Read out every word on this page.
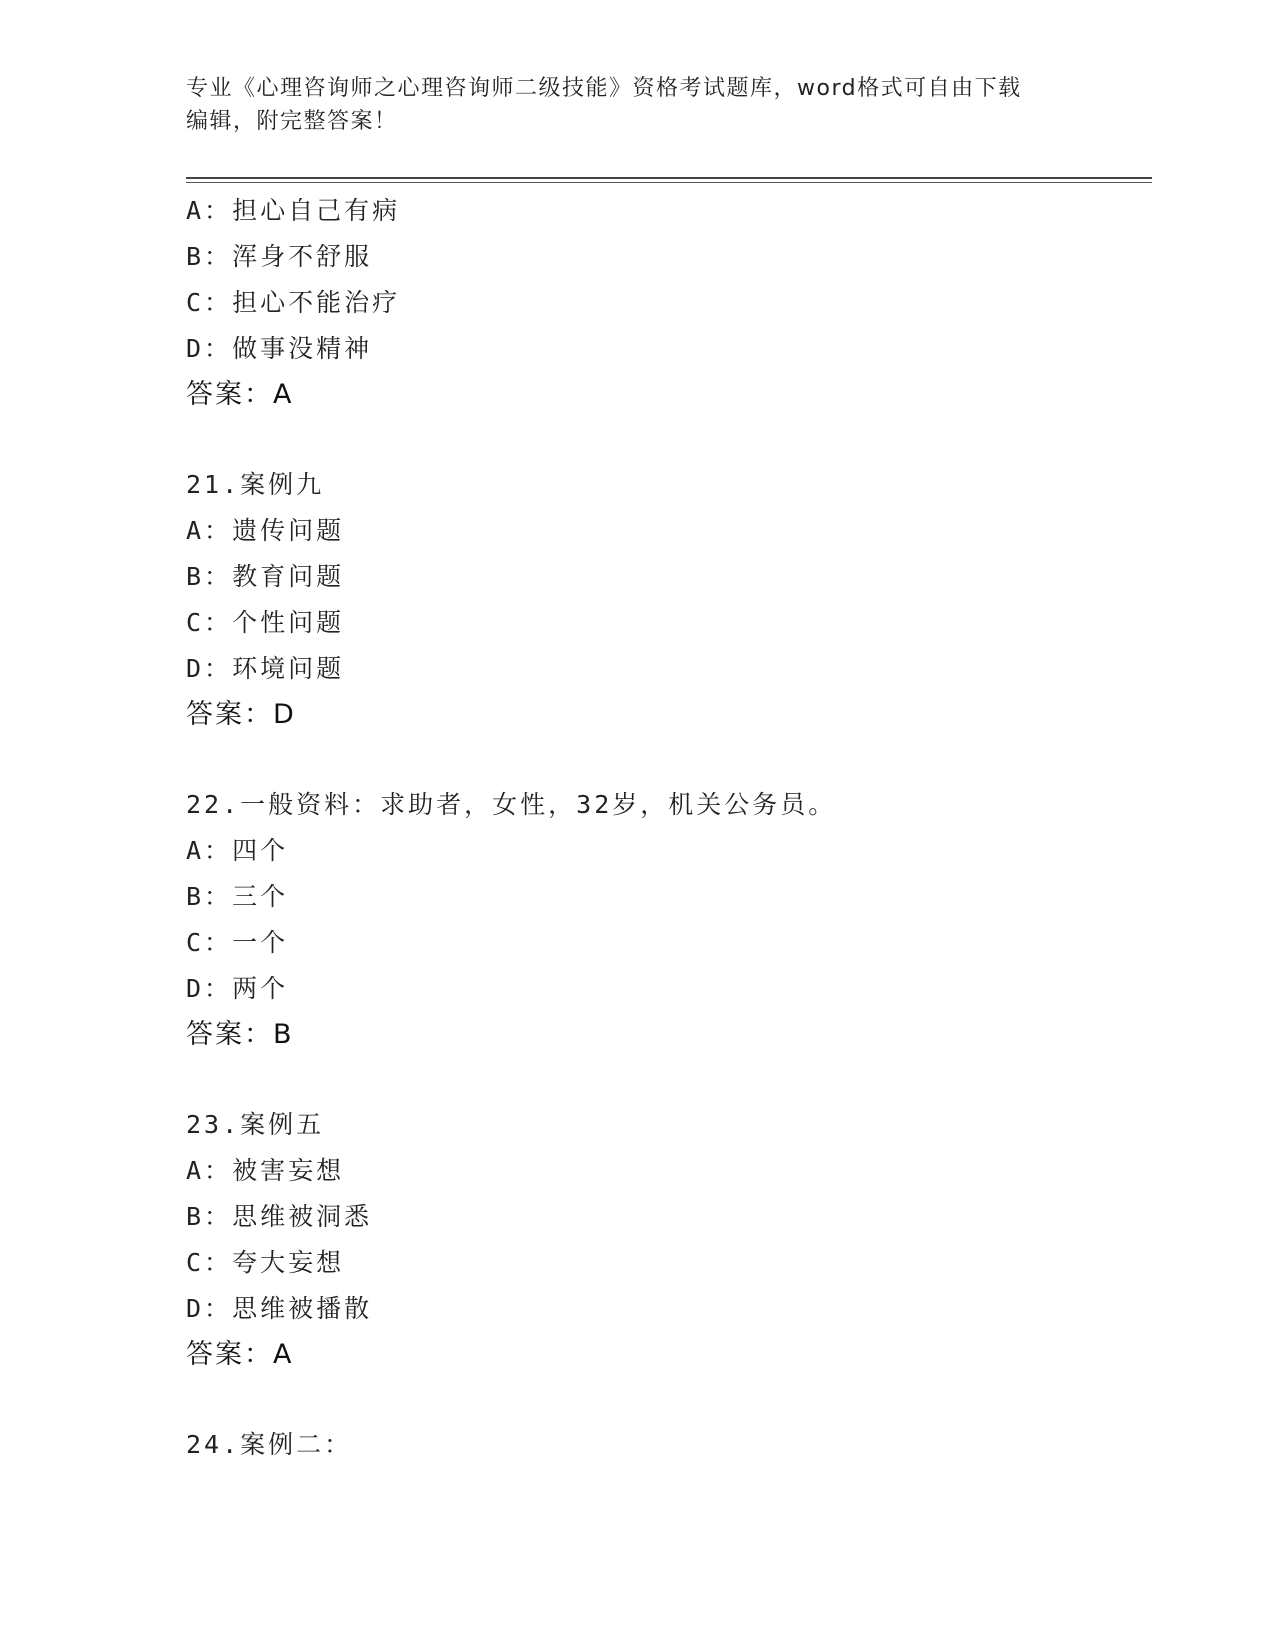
专业《心理咨询师之心理咨询师二级技能》资格考试题库，word格式可自由下载
编辑，附完整答案！
A：担心自己有病
B：浑身不舒服
C：担心不能治疗
D：做事没精神
答案：A
21.案例九
A：遗传问题
B：教育问题
C：个性问题
D：环境问题
答案：D
22.一般资料：求助者，女性，32岁，机关公务员。
A：四个
B：三个
C：一个
D：两个
答案：B
23.案例五
A：被害妄想
B：思维被洞悉
C：夸大妄想
D：思维被播散
答案：A
24.案例二：
